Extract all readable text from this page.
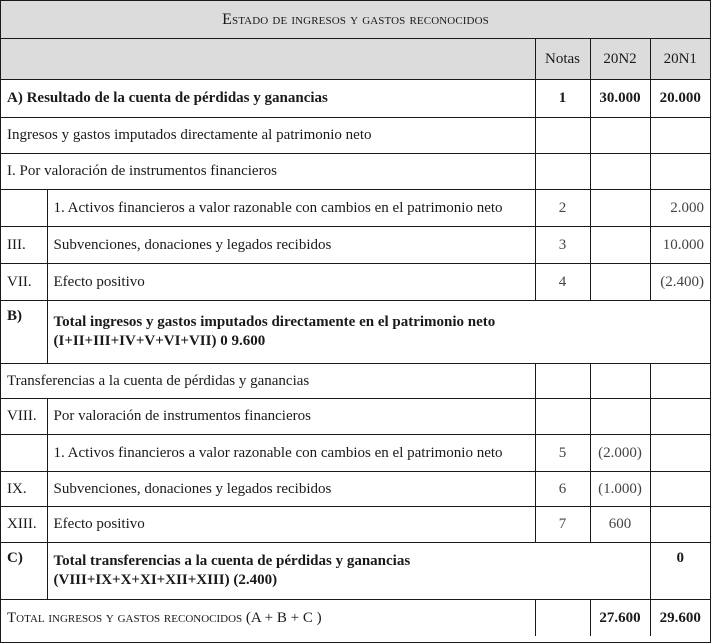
Estado de ingresos y gastos reconocidos
		Notas	20N2	20N1
A) Resultado de la cuenta de pérdidas y ganancias		1	30.000	20.000
Ingresos y gastos imputados directamente al patrimonio neto				
I. Por valoración de instrumentos financieros				
	1. Activos financieros a valor razonable con cambios en el patrimonio neto	2		2.000
III.	Subvenciones, donaciones y legados recibidos	3		10.000
VII.	Efecto positivo	4		(2.400)
B)	Total ingresos y gastos imputados directamente en el patrimonio neto
(I+II+III+IV+V+VI+VII) 0 9.600			

Transferencias a la cuenta de pérdidas y ganancias				
VIII.	Por valoración de instrumentos financieros			
	1. Activos financieros a valor razonable con cambios en el patrimonio neto	5	(2.000)	
IX.	Subvenciones, donaciones y legados recibidos	6	(1.000)	
XIII.	Efecto positivo	7	600	
C)	Total transferencias a la cuenta de pérdidas y ganancias
(VIII+IX+X+XI+XII+XIII) (2.400)			0
Total ingresos y gastos reconocidos (A + B + C )			27.600	29.600
